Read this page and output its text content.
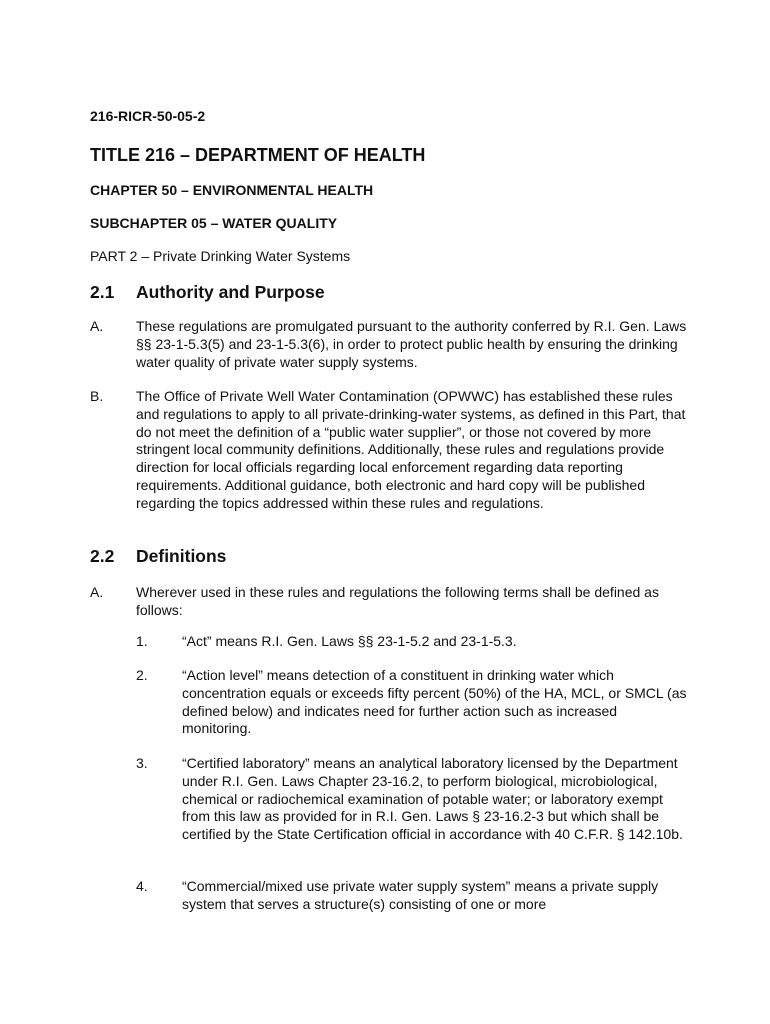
216-RICR-50-05-2
TITLE 216 – DEPARTMENT OF HEALTH
CHAPTER 50 – ENVIRONMENTAL HEALTH
SUBCHAPTER 05 – WATER QUALITY
PART 2 – Private Drinking Water Systems
2.1 Authority and Purpose
A. These regulations are promulgated pursuant to the authority conferred by R.I. Gen. Laws §§ 23-1-5.3(5) and 23-1-5.3(6), in order to protect public health by ensuring the drinking water quality of private water supply systems.
B. The Office of Private Well Water Contamination (OPWWC) has established these rules and regulations to apply to all private-drinking-water systems, as defined in this Part, that do not meet the definition of a “public water supplier”, or those not covered by more stringent local community definitions. Additionally, these rules and regulations provide direction for local officials regarding local enforcement regarding data reporting requirements. Additional guidance, both electronic and hard copy will be published regarding the topics addressed within these rules and regulations.
2.2 Definitions
A. Wherever used in these rules and regulations the following terms shall be defined as follows:
1. “Act” means R.I. Gen. Laws §§ 23-1-5.2 and 23-1-5.3.
2. “Action level” means detection of a constituent in drinking water which concentration equals or exceeds fifty percent (50%) of the HA, MCL, or SMCL (as defined below) and indicates need for further action such as increased monitoring.
3. “Certified laboratory” means an analytical laboratory licensed by the Department under R.I. Gen. Laws Chapter 23-16.2, to perform biological, microbiological, chemical or radiochemical examination of potable water; or laboratory exempt from this law as provided for in R.I. Gen. Laws § 23-16.2-3 but which shall be certified by the State Certification official in accordance with 40 C.F.R. § 142.10b.
4. “Commercial/mixed use private water supply system” means a private supply system that serves a structure(s) consisting of one or more
